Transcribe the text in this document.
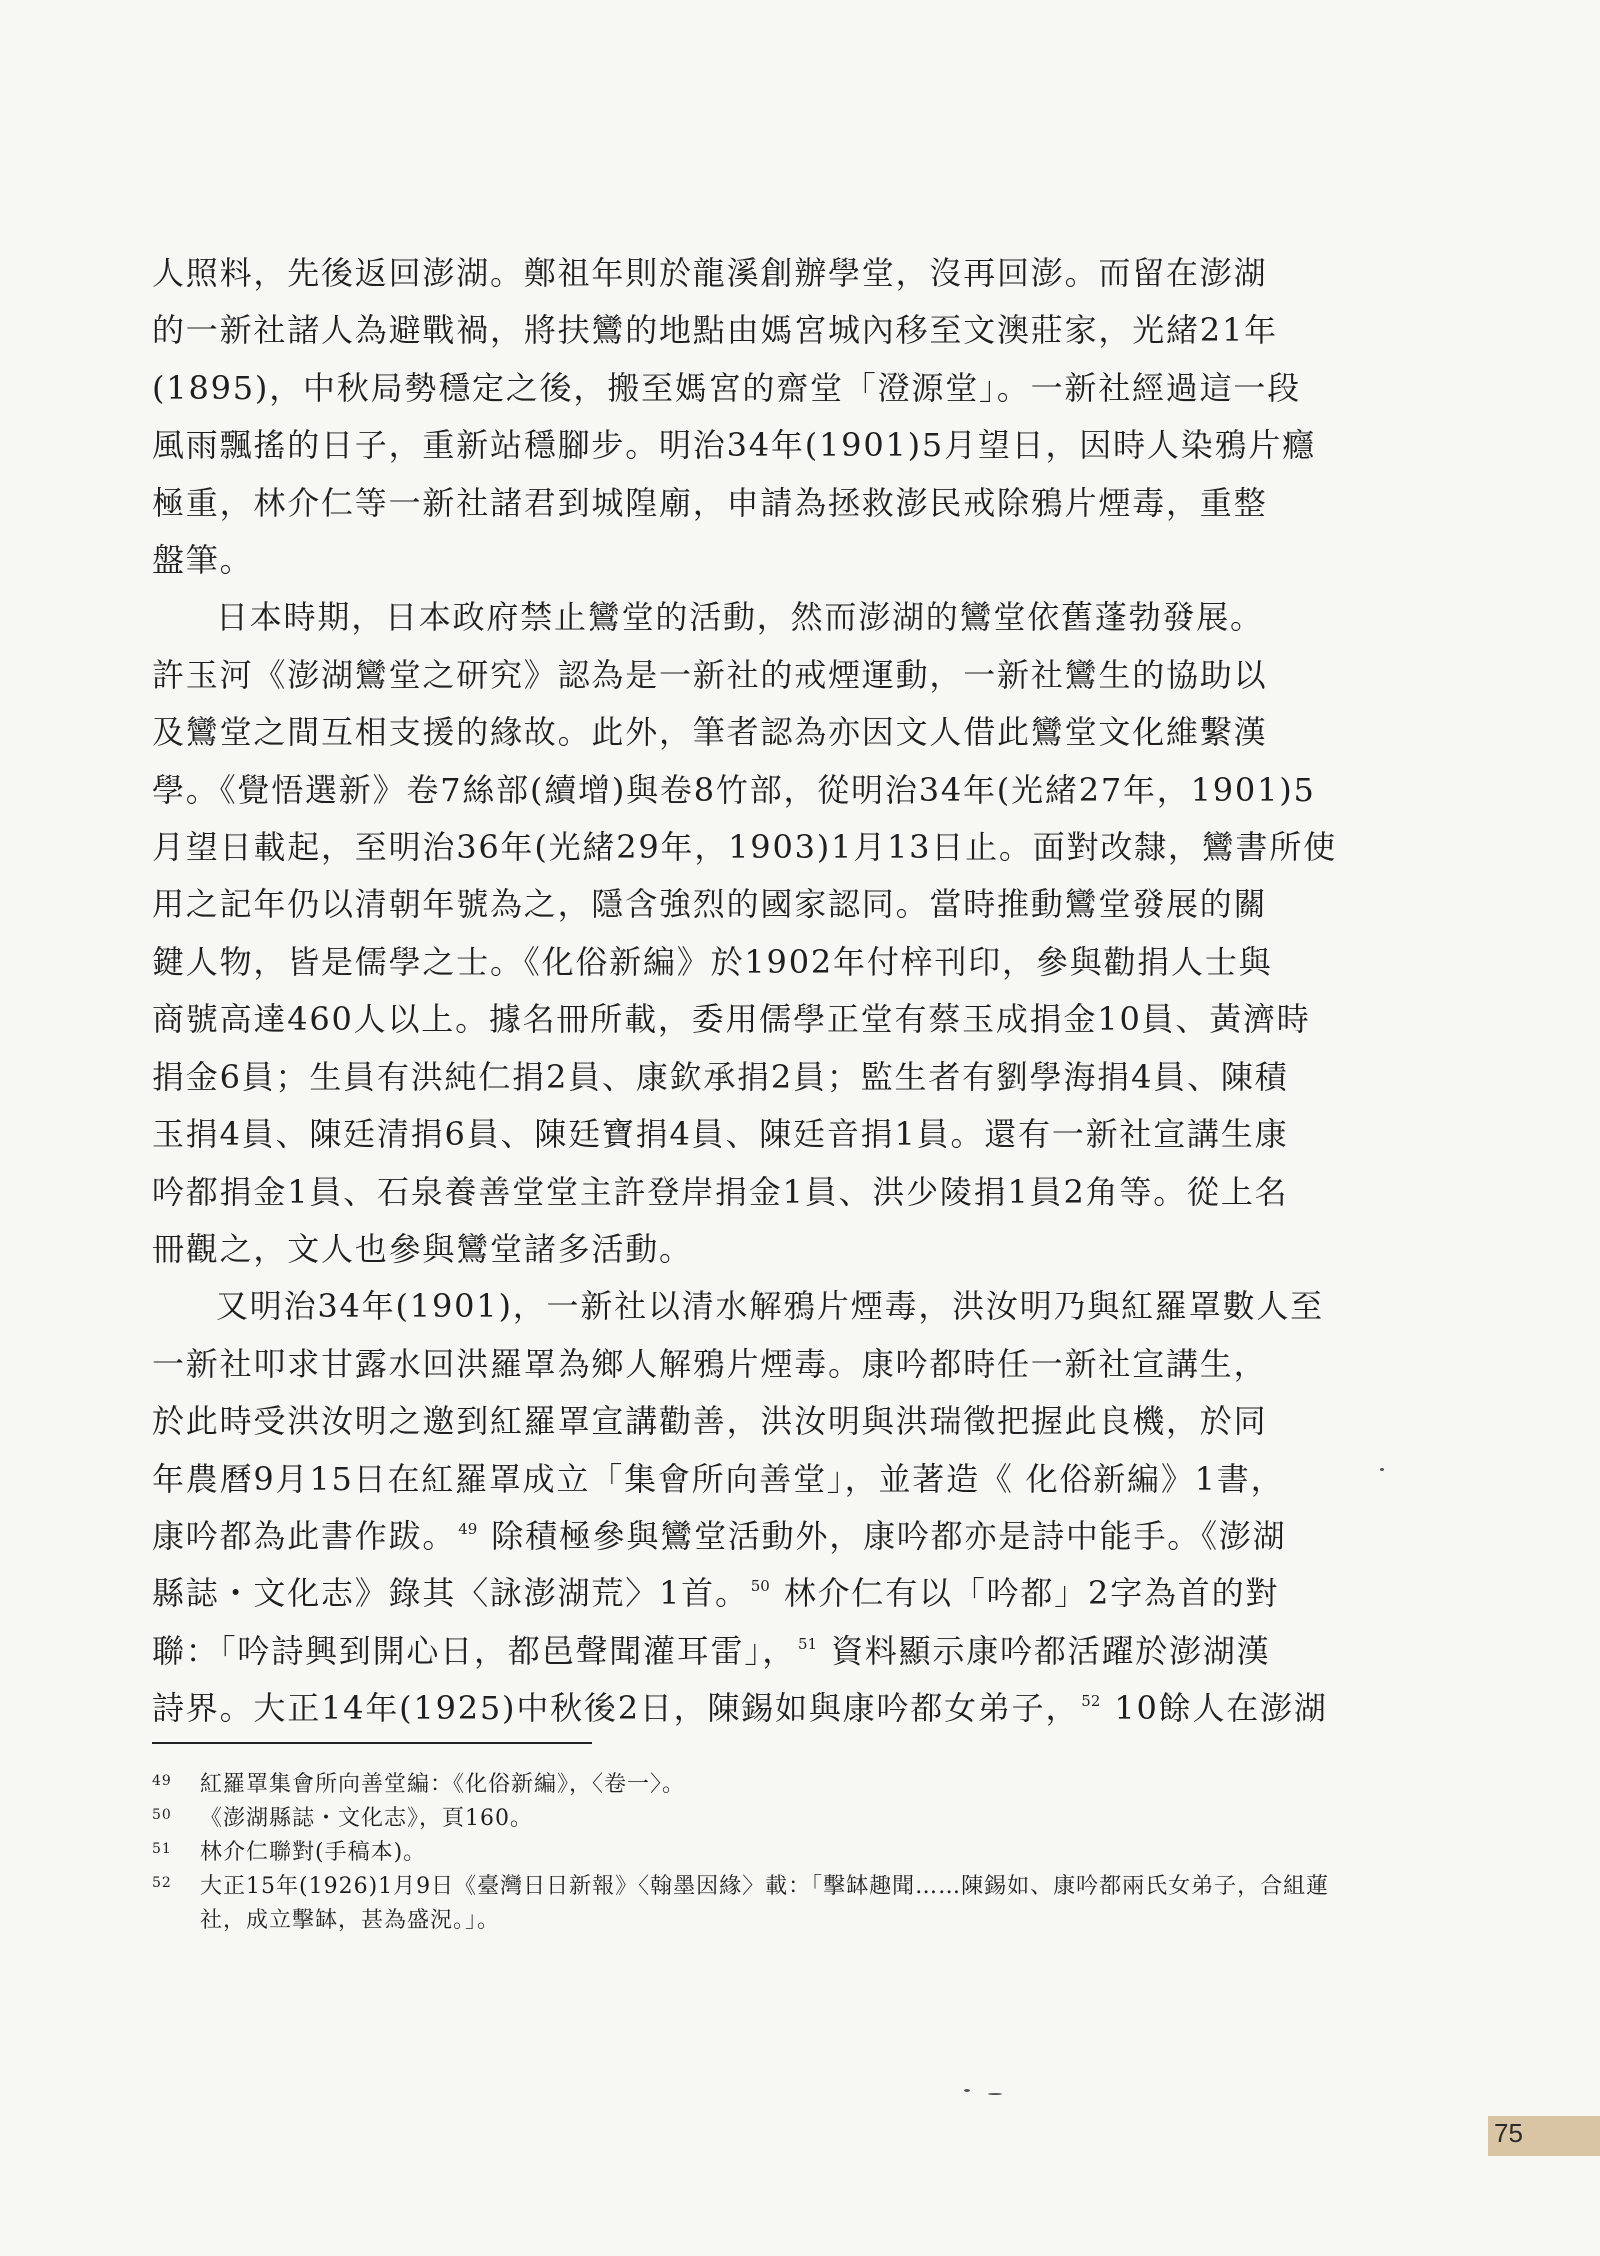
人照料，先後返回澎湖。鄭祖年則於龍溪創辦學堂，沒再回澎。而留在澎湖
的一新社諸人為避戰禍，將扶鸞的地點由媽宮城內移至文澳莊家，光緒21年
(1895)，中秋局勢穩定之後，搬至媽宮的齋堂「澄源堂」。一新社經過這一段
風雨飄搖的日子，重新站穩腳步。明治34年(1901)5月望日，因時人染鴉片癮
極重，林介仁等一新社諸君到城隍廟，申請為拯救澎民戒除鴉片煙毒，重整
盤筆。

日本時期，日本政府禁止鸞堂的活動，然而澎湖的鸞堂依舊蓬勃發展。
許玉河《澎湖鸞堂之研究》認為是一新社的戒煙運動，一新社鸞生的協助以
及鸞堂之間互相支援的緣故。此外，筆者認為亦因文人借此鸞堂文化維繫漢
學。《覺悟選新》卷7絲部(續增)與卷8竹部，從明治34年(光緒27年，1901)5
月望日載起，至明治36年(光緒29年，1903)1月13日止。面對改隸，鸞書所使
用之記年仍以清朝年號為之，隱含強烈的國家認同。當時推動鸞堂發展的關
鍵人物，皆是儒學之士。《化俗新編》於1902年付梓刊印，參與勸捐人士與
商號高達460人以上。據名冊所載，委用儒學正堂有蔡玉成捐金10員、黃濟時
捐金6員；生員有洪純仁捐2員、康欽承捐2員；監生者有劉學海捐4員、陳積
玉捐4員、陳廷清捐6員、陳廷寶捐4員、陳廷音捐1員。還有一新社宣講生康
吟都捐金1員、石泉養善堂堂主許登岸捐金1員、洪少陵捐1員2角等。從上名
冊觀之，文人也參與鸞堂諸多活動。

又明治34年(1901)，一新社以清水解鴉片煙毒，洪汝明乃與紅羅罩數人至
一新社叩求甘露水回洪羅罩為鄉人解鴉片煙毒。康吟都時任一新社宣講生，
於此時受洪汝明之邀到紅羅罩宣講勸善，洪汝明與洪瑞徵把握此良機，於同
年農曆9月15日在紅羅罩成立「集會所向善堂」，並著造《 化俗新編》1書，
康吟都為此書作跋。 $^{49}$ 除積極參與鸞堂活動外，康吟都亦是詩中能手。《澎湖
縣誌・文化志》錄其〈詠澎湖荒〉1首。 $^{50}$ 林介仁有以「吟都」2字為首的對
聯：「吟詩興到開心日，都邑聲聞灌耳雷」， $^{51}$ 資料顯示康吟都活躍於澎湖漢
詩界。大正14年(1925)中秋後2日，陳錫如與康吟都女弟子， $^{52}$ 10餘人在澎湖

49	紅羅罩集會所向善堂編：《化俗新編》，〈卷一〉。
50	《澎湖縣誌・文化志》，頁160。
51	林介仁聯對(手稿本)。
52	大正15年(1926)1月9日《臺灣日日新報》〈翰墨因緣〉載：「擊缽趣聞……陳錫如、康吟都兩氏女弟子，合組蓮社，成立擊缽，甚為盛況。」。
75
